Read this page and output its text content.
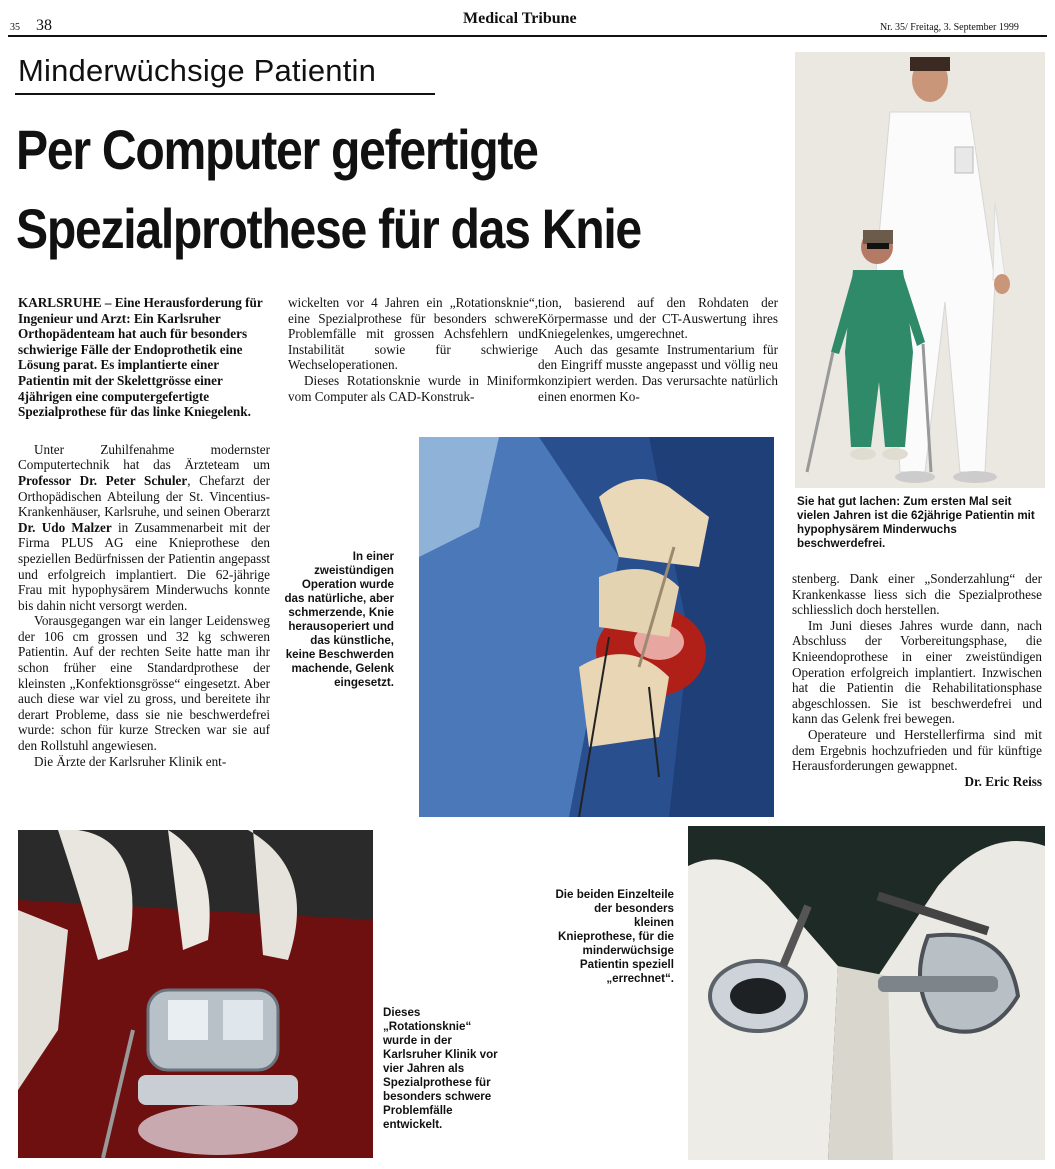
35 38	Medical Tribune
Nr. 35/ Freitag, 3. September 1999
Minderwüchsige Patientin
Per Computer gefertigte
Spezialprothese für das Knie
Sie hat gut lachen: Zum ersten Mal seit vielen Jahren ist die 62jährige Patientin mit hypophysärem Minderwuchs beschwerdefrei.

KARLSRUHE – Eine Herausforderung für Ingenieur und Arzt: Ein Karlsruher Orthopädenteam hat auch für besonders schwierige Fälle der Endoprothetik eine Lösung parat. Es implantierte einer Patientin mit der Skelettgrösse einer 4jährigen eine computergefertigte Spezialprothese für das linke Kniegelenk.

Unter Zuhilfenahme modernster Computertechnik hat das Ärzteteam um Professor Dr. Peter Schuler, Chefarzt der Orthopädischen Abteilung der St. Vincentius-Krankenhäuser, Karlsruhe, und seinen Oberarzt Dr. Udo Malzer in Zusammenarbeit mit der Firma PLUS AG eine Knieprothese den speziellen Bedürfnissen der Patientin angepasst und erfolgreich implantiert. Die 62-jährige Frau mit hypophysärem Minderwuchs konnte bis dahin nicht versorgt werden.

Vorausgegangen war ein langer Leidensweg der 106 cm grossen und 32 kg schweren Patientin. Auf der rechten Seite hatte man ihr schon früher eine Standardprothese der kleinsten „Konfektionsgrösse“ eingesetzt. Aber auch diese war viel zu gross, und bereitete ihr derart Probleme, dass sie nie beschwerdefrei wurde: schon für kurze Strecken war sie auf den Rollstuhl angewiesen.

Die Ärzte der Karlsruher Klinik ent-

wickelten vor 4 Jahren ein „Rotationsknie“, eine Spezialprothese für besonders schwere Problemfälle mit grossen Achsfehlern und Instabilität sowie für schwierige Wechseloperationen.

Dieses Rotationsknie wurde in Miniform vom Computer als CAD-Konstruk-

tion, basierend auf den Rohdaten der Körpermasse und der CT-Auswertung ihres Kniegelenkes, umgerechnet.

Auch das gesamte Instrumentarium für den Eingriff musste angepasst und völlig neu konzipiert werden. Das verursachte natürlich einen enormen Ko-

In einer zweistündigen Operation wurde das natürliche, aber schmerzende, Knie herausoperiert und das künstliche, keine Beschwerden machende, Gelenk eingesetzt.

stenberg. Dank einer „Sonderzahlung“ der Krankenkasse liess sich die Spezialprothese schliesslich doch herstellen.

Im Juni dieses Jahres wurde dann, nach Abschluss der Vorbereitungsphase, die Knieendoprothese in einer zweistündigen Operation erfolgreich implantiert. Inzwischen hat die Patientin die Rehabilitationsphase abgeschlossen. Sie ist beschwerdefrei und kann das Gelenk frei bewegen.

Operateure und Herstellerfirma sind mit dem Ergebnis hochzufrieden und für künftige Herausforderungen gewappnet.

Dr. Eric Reiss
Dieses „Rotationsknie“ wurde in der Karlsruher Klinik vor vier Jahren als Spezialprothese für besonders schwere Problemfälle entwickelt.
Die beiden Einzelteile der besonders kleinen Knieprothese, für die minderwüchsige Patientin speziell „errechnet“.
